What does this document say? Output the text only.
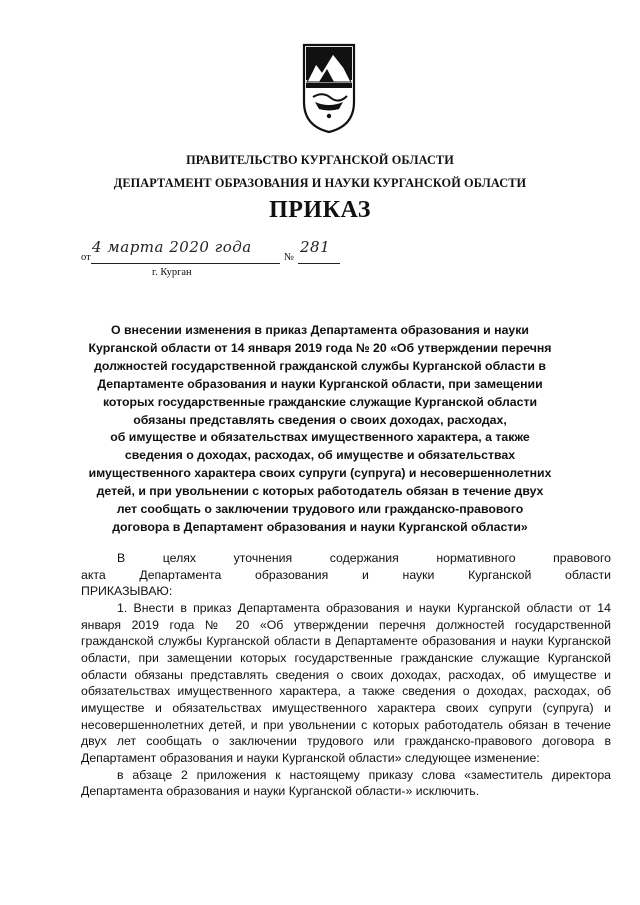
ПРАВИТЕЛЬСТВО КУРГАНСКОЙ ОБЛАСТИ
ДЕПАРТАМЕНТ ОБРАЗОВАНИЯ И НАУКИ КУРГАНСКОЙ ОБЛАСТИ
ПРИКАЗ
от
4 марта 2020 года
№
281
г. Курган
О внесении изменения в приказ Департамента образования и науки
Курганской области от 14 января 2019 года № 20 «Об утверждении перечня
должностей государственной гражданской службы Курганской области в
Департаменте образования и науки Курганской области, при замещении
которых государственные гражданские служащие Курганской области
обязаны представлять сведения о своих доходах, расходах,
об имуществе и обязательствах имущественного характера, а также
сведения о доходах, расходах, об имуществе и обязательствах
имущественного характера своих супруги (супруга) и несовершеннолетних
детей, и при увольнении с которых работодатель обязан в течение двух
лет сообщать о заключении трудового или гражданско-правового
договора в Департамент образования и науки Курганской области»

В целях уточнения содержания нормативного правового акта Департамента образования и науки Курганской области ПРИКАЗЫВАЮ:

1. Внести в приказ Департамента образования и науки Курганской области от 14 января 2019 года № 20 «Об утверждении перечня должностей государственной гражданской службы Курганской области в Департаменте образования и науки Курганской области, при замещении которых государственные гражданские служащие Курганской области обязаны представлять сведения о своих доходах, расходах, об имуществе и обязательствах имущественного характера, а также сведения о доходах, расходах, об имуществе и обязательствах имущественного характера своих супруги (супруга) и несовершеннолетних детей, и при увольнении с которых работодатель обязан в течение двух лет сообщать о заключении трудового или гражданско-правового договора в Департамент образования и науки Курганской области» следующее изменение:

в абзаце 2 приложения к настоящему приказу слова «заместитель директора Департамента образования и науки Курганской области-» исключить.
